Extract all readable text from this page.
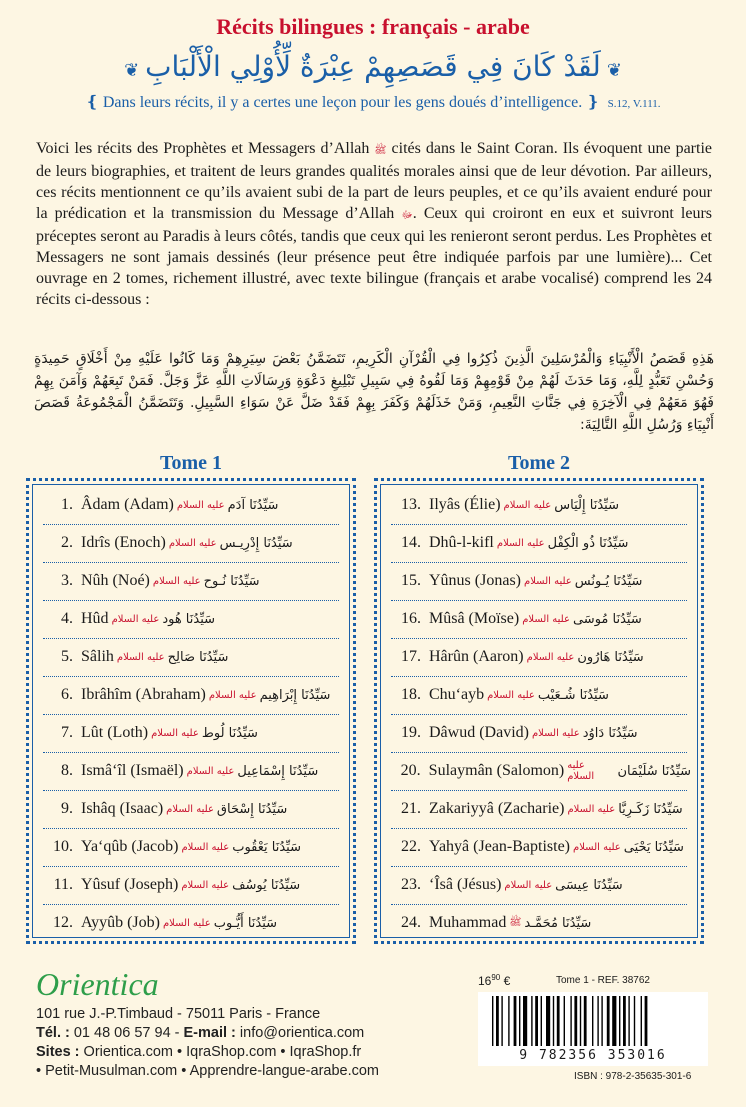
Récits bilingues : français - arabe
❦ لَقَدْ كَانَ فِي قَصَصِهِمْ عِبْرَةٌ لِّأُوْلِي الْأَلْبَابِ ❦
❴ Dans leurs récits, il y a certes une leçon pour les gens doués d’intelligence. ❵ S.12, V.111.
Voici les récits des Prophètes et Messagers d’Allah ﷺ cités dans le Saint Coran. Ils évoquent une partie de leurs biographies, et traitent de leurs grandes qualités morales ainsi que de leur dévotion. Par ailleurs, ces récits mentionnent ce qu’ils avaient subi de la part de leurs peuples, et ce qu’ils avaient enduré pour la prédication et la transmission du Message d’Allah ﷻ. Ceux qui croiront en eux et suivront leurs préceptes seront au Paradis à leurs côtés, tandis que ceux qui les renieront seront perdus. Les Prophètes et Messagers ne sont jamais dessinés (leur présence peut être indiquée parfois par une lumière)... Cet ouvrage en 2 tomes, richement illustré, avec texte bilingue (français et arabe vocalisé) comprend les 24 récits ci-dessous :
هَذِهِ قَصَصُ الْأَنْبِيَاءِ وَالْمُرْسَلِينَ الَّذِينَ ذُكِرُوا فِي الْقُرْآنِ الْكَرِيمِ، تَتَضَمَّنُ بَعْضَ سِيَرِهِمْ وَمَا كَانُوا عَلَيْهِ مِنْ أَخْلَاقٍ حَمِيدَةٍ وَحُسْنِ تَعَبُّدٍ لِلَّهِ، وَمَا حَدَثَ لَهُمْ مِنْ قَوْمِهِمْ وَمَا لَقُوهُ فِي سَبِيلِ تَبْلِيغِ دَعْوَةِ وَرِسَالَاتِ اللَّهِ عَزَّ وَجَلَّ. فَمَنْ تَبِعَهُمْ وَآمَنَ بِهِمْ فَهُوَ مَعَهُمْ فِي الْآخِرَةِ فِي جَنَّاتِ النَّعِيمِ، وَمَنْ خَذَلَهُمْ وَكَفَرَ بِهِمْ فَقَدْ ضَلَّ عَنْ سَوَاءِ السَّبِيلِ. وَتَتَضَمَّنُ الْمَجْمُوعَةُ قَصَصَ أَنْبِيَاءِ وَرُسُلِ اللَّهِ التَّالِيَةَ:
Tome 1	Tome 2
1. Âdam (Adam) عليه السلام سَيِّدُنَا آدَم
2. Idrîs (Enoch) عليه السلام سَيِّدُنَا إِدْرِيـس
3. Nûh (Noé) عليه السلام سَيِّدُنَا نُـوح
4. Hûd عليه السلام سَيِّدُنَا هُود
5. Sâlih عليه السلام سَيِّدُنَا صَالِح
6. Ibrâhîm (Abraham) عليه السلام سَيِّدُنَا إِبْرَاهِيم
7. Lût (Loth) عليه السلام سَيِّدُنَا لُوط
8. Ismâ‘îl (Ismaël) عليه السلام سَيِّدُنَا إِسْمَاعِيل
9. Ishâq (Isaac) عليه السلام سَيِّدُنَا إِسْحَاق
10. Ya‘qûb (Jacob) عليه السلام سَيِّدُنَا يَعْقُوب
11. Yûsuf (Joseph) عليه السلام سَيِّدُنَا يُوسُف
12. Ayyûb (Job) عليه السلام سَيِّدُنَا أَيُّـوب
13. Ilyâs (Élie) عليه السلام سَيِّدُنَا إِلْيَاس
14. Dhû-l-kifl عليه السلام سَيِّدُنَا ذُو الْكِفْل
15. Yûnus (Jonas) عليه السلام سَيِّدُنَا يُـونُس
16. Mûsâ (Moïse) عليه السلام سَيِّدُنَا مُوسَى
17. Hârûn (Aaron) عليه السلام سَيِّدُنَا هَارُون
18. Chu‘ayb عليه السلام سَيِّدُنَا شُـعَيْب
19. Dâwud (David) عليه السلام سَيِّدُنَا دَاوُد
20. Sulaymân (Salomon) عليه السلام	سَيِّدُنَا سُلَيْمَان
21. Zakariyyâ (Zacharie) عليه السلام سَيِّدُنَا زَكَـرِيَّا
22. Yahyâ (Jean-Baptiste) عليه السلام سَيِّدُنَا يَحْيَى
23. ‘Îsâ (Jésus) عليه السلام سَيِّدُنَا عِيسَى
24. Muhammad ﷺ سَيِّدُنَا مُحَمَّـد
Orientica
101 rue J.-P.Timbaud - 75011 Paris - France
Tél. : 01 48 06 57 94 - E-mail : info@orientica.com
Sites : Orientica.com • IqraShop.com • IqraShop.fr
• Petit-Musulman.com • Apprendre-langue-arabe.com
$16^{90}$ €	Tome 1 - REF. 38762
9 782356 353016
ISBN : 978-2-35635-301-6
